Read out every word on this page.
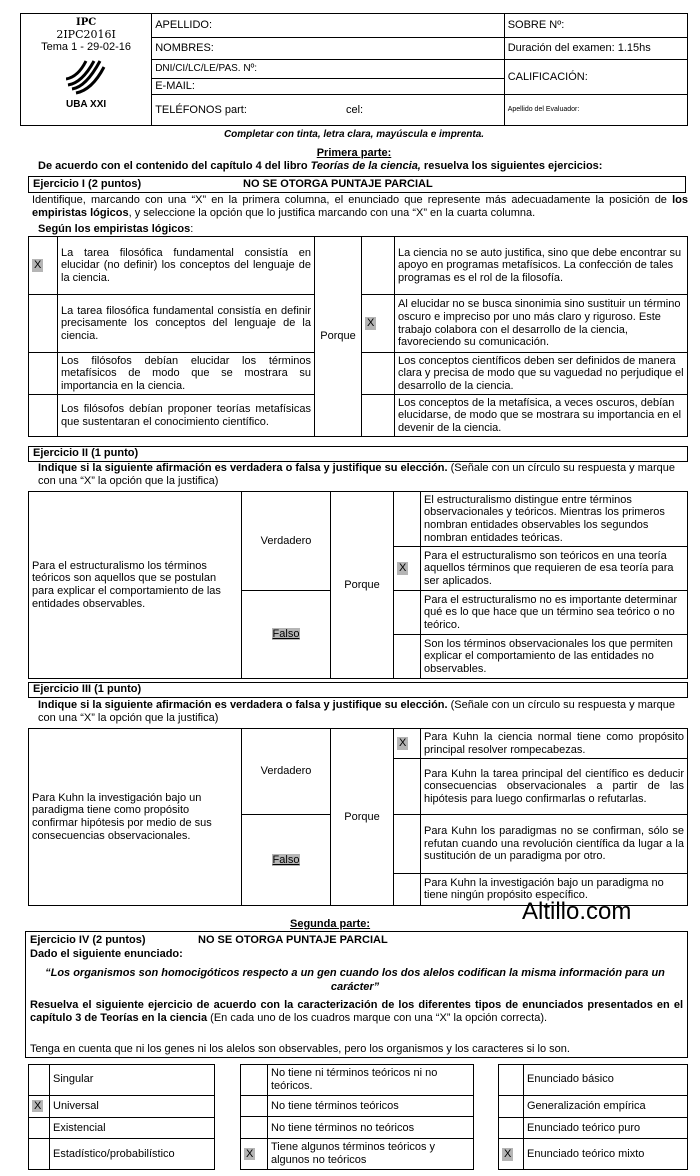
IPC
2IPC2016I
Tema 1 - 29-02-16
UBA XXI	APELLIDO:	SOBRE Nº:
	NOMBRES:	Duración del examen: 1.15hs
	DNI/CI/LC/LE/PAS. Nº:	CALIFICACIÓN:
	E-MAIL:	
	TELÉFONOS part: cel:	Apellido del Evaluador:
Completar con tinta, letra clara, mayúscula e imprenta.
Primera parte:
De acuerdo con el contenido del capítulo 4 del libro Teorías de la ciencia, resuelva los siguientes ejercicios:
Ejercicio I (2 puntos)	NO SE OTORGA PUNTAJE PARCIAL
Identifique, marcando con una “X” en la primera columna, el enunciado que represente más adecuadamente la posición de los empiristas lógicos, y seleccione la opción que lo justifica marcando con una “X” en la cuarta columna.
Según los empiristas lógicos:
X	La tarea filosófica fundamental consistía en elucidar (no definir) los conceptos del lenguaje de la ciencia.	Porque		La ciencia no se auto justifica, sino que debe encontrar su apoyo en programas metafísicos. La confección de tales programas es el rol de la filosofía.
	La tarea filosófica fundamental consistía en definir precisamente los conceptos del lenguaje de la ciencia.		X	Al elucidar no se busca sinonimia sino sustituir un término oscuro e impreciso por uno más claro y riguroso. Este trabajo colabora con el desarrollo de la ciencia, favoreciendo su comunicación.
	Los filósofos debían elucidar los términos metafísicos de modo que se mostrara su importancia en la ciencia.			Los conceptos científicos deben ser definidos de manera clara y precisa de modo que su vaguedad no perjudique el desarrollo de la ciencia.
	Los filósofos debían proponer teorías metafísicas que sustentaran el conocimiento científico.			Los conceptos de la metafísica, a veces oscuros, debían elucidarse, de modo que se mostrara su importancia en el devenir de la ciencia.
Ejercicio II (1 punto)
Indique si la siguiente afirmación es verdadera o falsa y justifique su elección. (Señale con un círculo su respuesta y marque con una “X” la opción que la justifica)
Para el estructuralismo los términos teóricos son aquellos que se postulan para explicar el comportamiento de las entidades observables.	Verdadero	Porque		El estructuralismo distingue entre términos observacionales y teóricos. Mientras los primeros nombran entidades observables los segundos nombran entidades teóricas.
			X	Para el estructuralismo son teóricos en una teoría aquellos términos que requieren de esa teoría para ser aplicados.
	Falso			Para el estructuralismo no es importante determinar qué es lo que hace que un término sea teórico o no teórico.
				Son los términos observacionales los que permiten explicar el comportamiento de las entidades no observables.
Ejercicio III (1 punto)
Indique si la siguiente afirmación es verdadera o falsa y justifique su elección. (Señale con un círculo su respuesta y marque con una “X” la opción que la justifica)
Para Kuhn la investigación bajo un paradigma tiene como propósito confirmar hipótesis por medio de sus consecuencias observacionales.	Verdadero	Porque	X	Para Kuhn la ciencia normal tiene como propósito principal resolver rompecabezas.
				Para Kuhn la tarea principal del científico es deducir consecuencias observacionales a partir de las hipótesis para luego confirmarlas o refutarlas.
	Falso			Para Kuhn los paradigmas no se confirman, sólo se refutan cuando una revolución científica da lugar a la sustitución de un paradigma por otro.
				Para Kuhn la investigación bajo un paradigma no tiene ningún propósito específico.
Segunda parte:	Altillo.com
Ejercicio IV (2 puntos)	NO SE OTORGA PUNTAJE PARCIAL
Dado el siguiente enunciado:
“Los organismos son homocigóticos respecto a un gen cuando los dos alelos codifican la misma información para un carácter”
Resuelva el siguiente ejercicio de acuerdo con la caracterización de los diferentes tipos de enunciados presentados en el capítulo 3 de Teorías en la ciencia (En cada uno de los cuadros marque con una “X” la opción correcta).
Tenga en cuenta que ni los genes ni los alelos son observables, pero los organismos y los caracteres si lo son.
	Singular
X	Universal
	Existencial
	Estadístico/probabilístico
	No tiene ni términos teóricos ni no teóricos.
	No tiene términos teóricos
	No tiene términos no teóricos
X	Tiene algunos términos teóricos y algunos no teóricos
	Enunciado básico
	Generalización empírica
	Enunciado teórico puro
X	Enunciado teórico mixto
